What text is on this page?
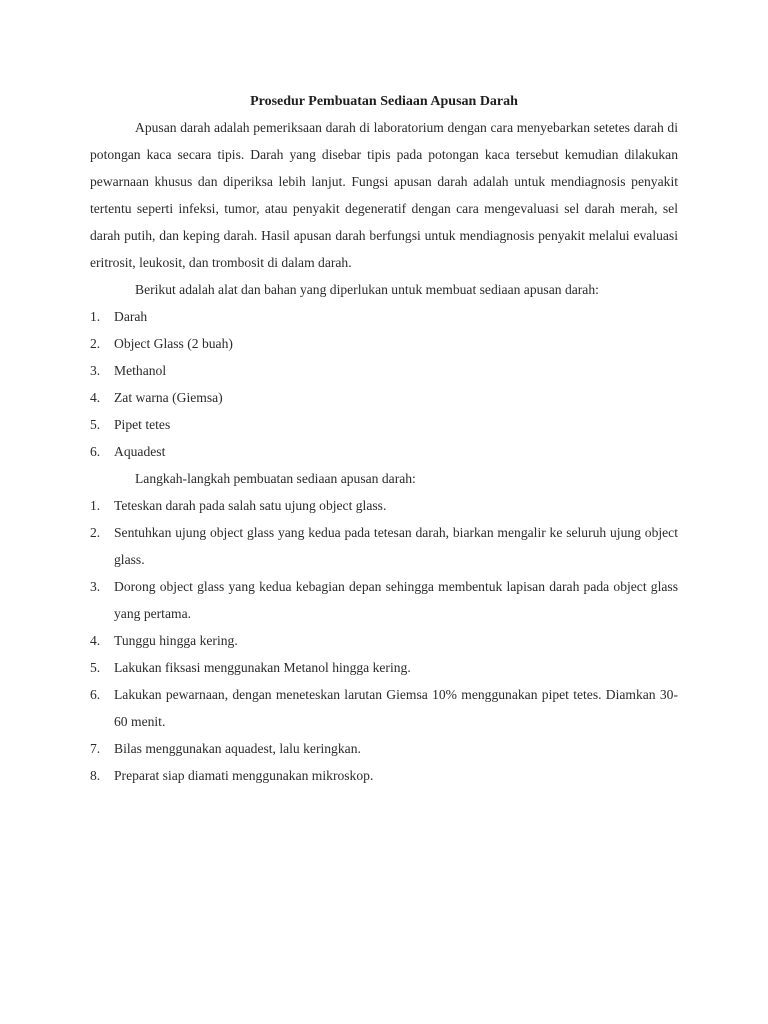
Prosedur Pembuatan Sediaan Apusan Darah

Apusan darah adalah pemeriksaan darah di laboratorium dengan cara menyebarkan setetes darah di potongan kaca secara tipis. Darah yang disebar tipis pada potongan kaca tersebut kemudian dilakukan pewarnaan khusus dan diperiksa lebih lanjut. Fungsi apusan darah adalah untuk mendiagnosis penyakit tertentu seperti infeksi, tumor, atau penyakit degeneratif dengan cara mengevaluasi sel darah merah, sel darah putih, dan keping darah. Hasil apusan darah berfungsi untuk mendiagnosis penyakit melalui evaluasi eritrosit, leukosit, dan trombosit di dalam darah.

Berikut adalah alat dan bahan yang diperlukan untuk membuat sediaan apusan darah:

1. Darah
2. Object Glass (2 buah)
3. Methanol
4. Zat warna (Giemsa)
5. Pipet tetes
6. Aquadest

Langkah-langkah pembuatan sediaan apusan darah:

1. Teteskan darah pada salah satu ujung object glass.
2. Sentuhkan ujung object glass yang kedua pada tetesan darah, biarkan mengalir ke seluruh ujung object glass.
3. Dorong object glass yang kedua kebagian depan sehingga membentuk lapisan darah pada object glass yang pertama.
4. Tunggu hingga kering.
5. Lakukan fiksasi menggunakan Metanol hingga kering.
6. Lakukan pewarnaan, dengan meneteskan larutan Giemsa 10% menggunakan pipet tetes. Diamkan 30-60 menit.
7. Bilas menggunakan aquadest, lalu keringkan.
8. Preparat siap diamati menggunakan mikroskop.
